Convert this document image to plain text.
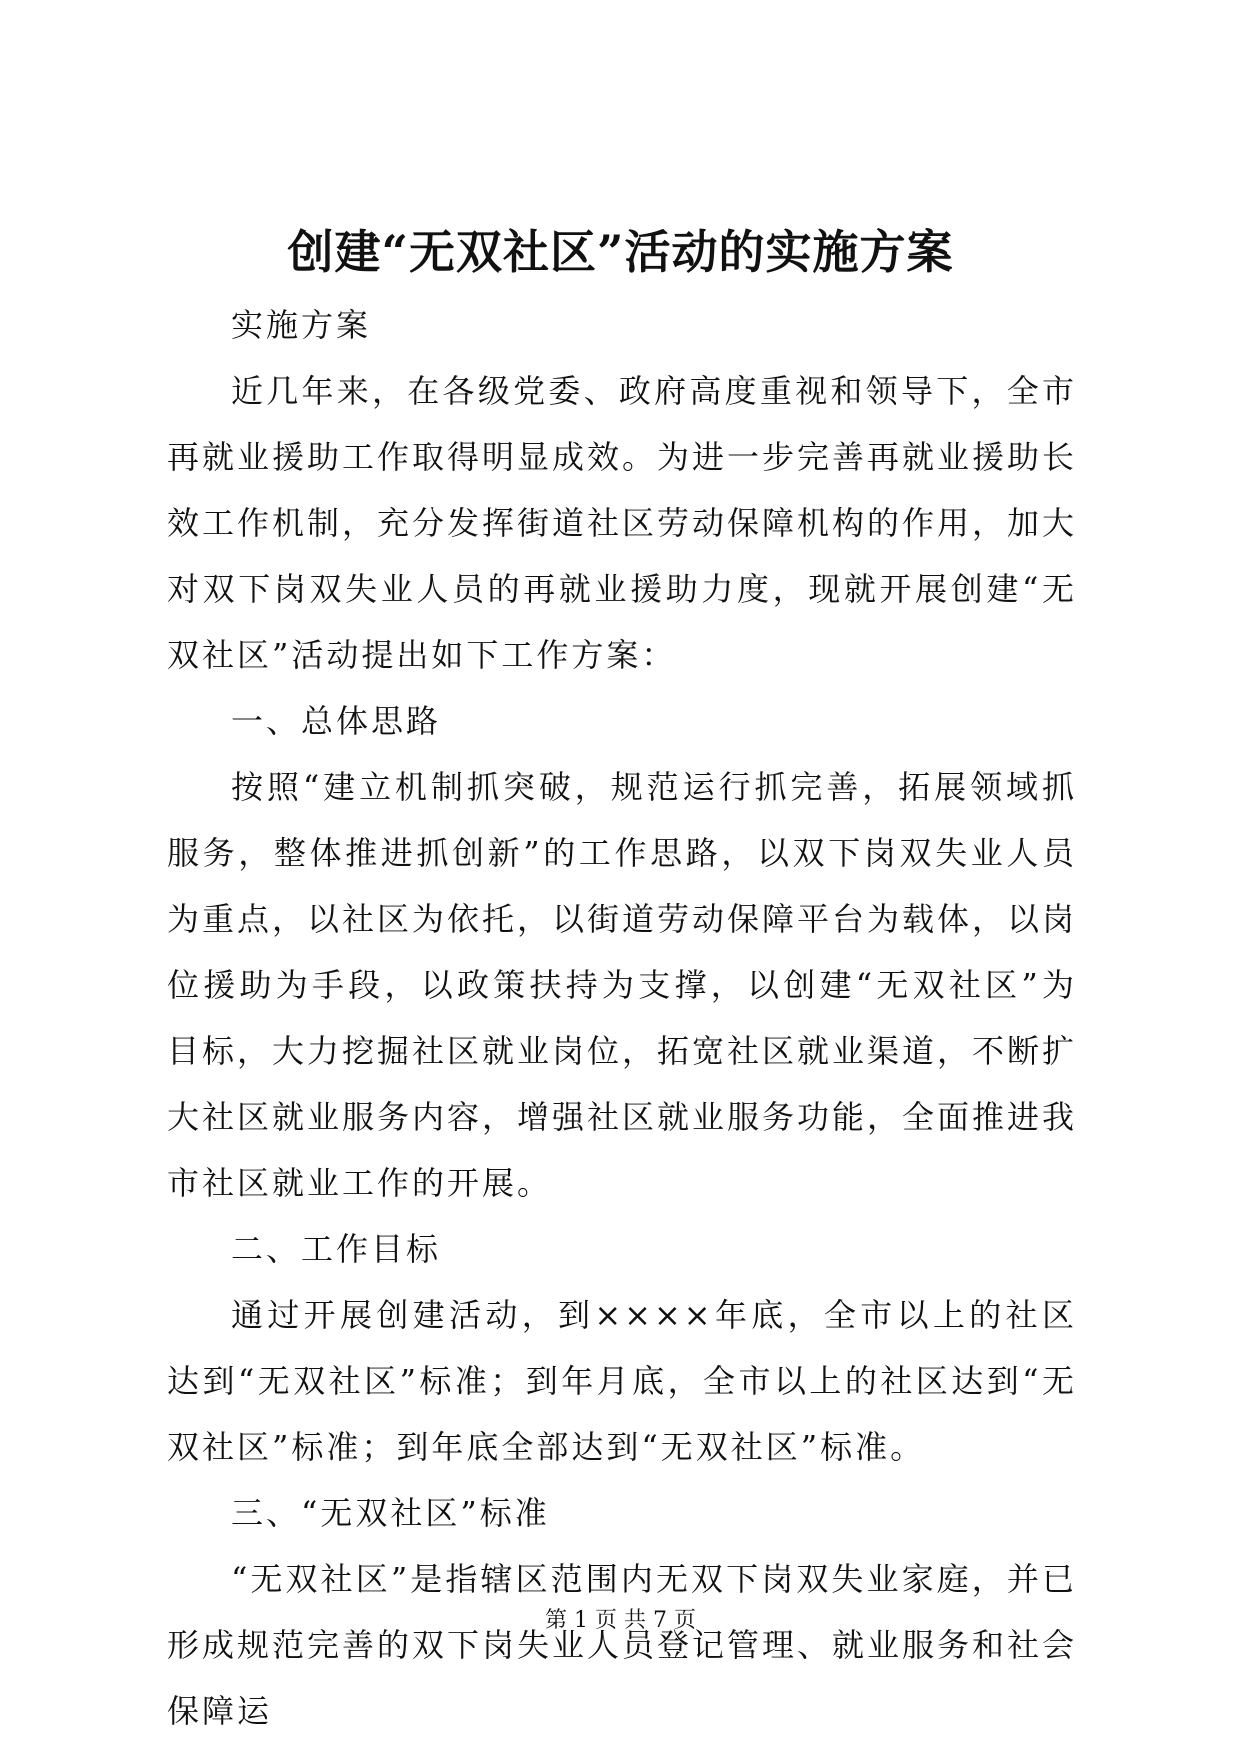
创建“无双社区”活动的实施方案

实施方案

近几年来，在各级党委、政府高度重视和领导下，全市再就业援助工作取得明显成效。为进一步完善再就业援助长效工作机制，充分发挥街道社区劳动保障机构的作用，加大对双下岗双失业人员的再就业援助力度，现就开展创建“无双社区”活动提出如下工作方案：

一、总体思路

按照“建立机制抓突破，规范运行抓完善，拓展领域抓服务，整体推进抓创新”的工作思路，以双下岗双失业人员为重点，以社区为依托，以街道劳动保障平台为载体，以岗位援助为手段，以政策扶持为支撑，以创建“无双社区”为目标，大力挖掘社区就业岗位，拓宽社区就业渠道，不断扩大社区就业服务内容，增强社区就业服务功能，全面推进我市社区就业工作的开展。

二、工作目标

通过开展创建活动，到××××年底，全市以上的社区达到“无双社区”标准；到年月底，全市以上的社区达到“无双社区”标准；到年底全部达到“无双社区”标准。

三、“无双社区”标准

“无双社区”是指辖区范围内无双下岗双失业家庭，并已形成规范完善的双下岗失业人员登记管理、就业服务和社会保障运

第 1 页 共 7 页
